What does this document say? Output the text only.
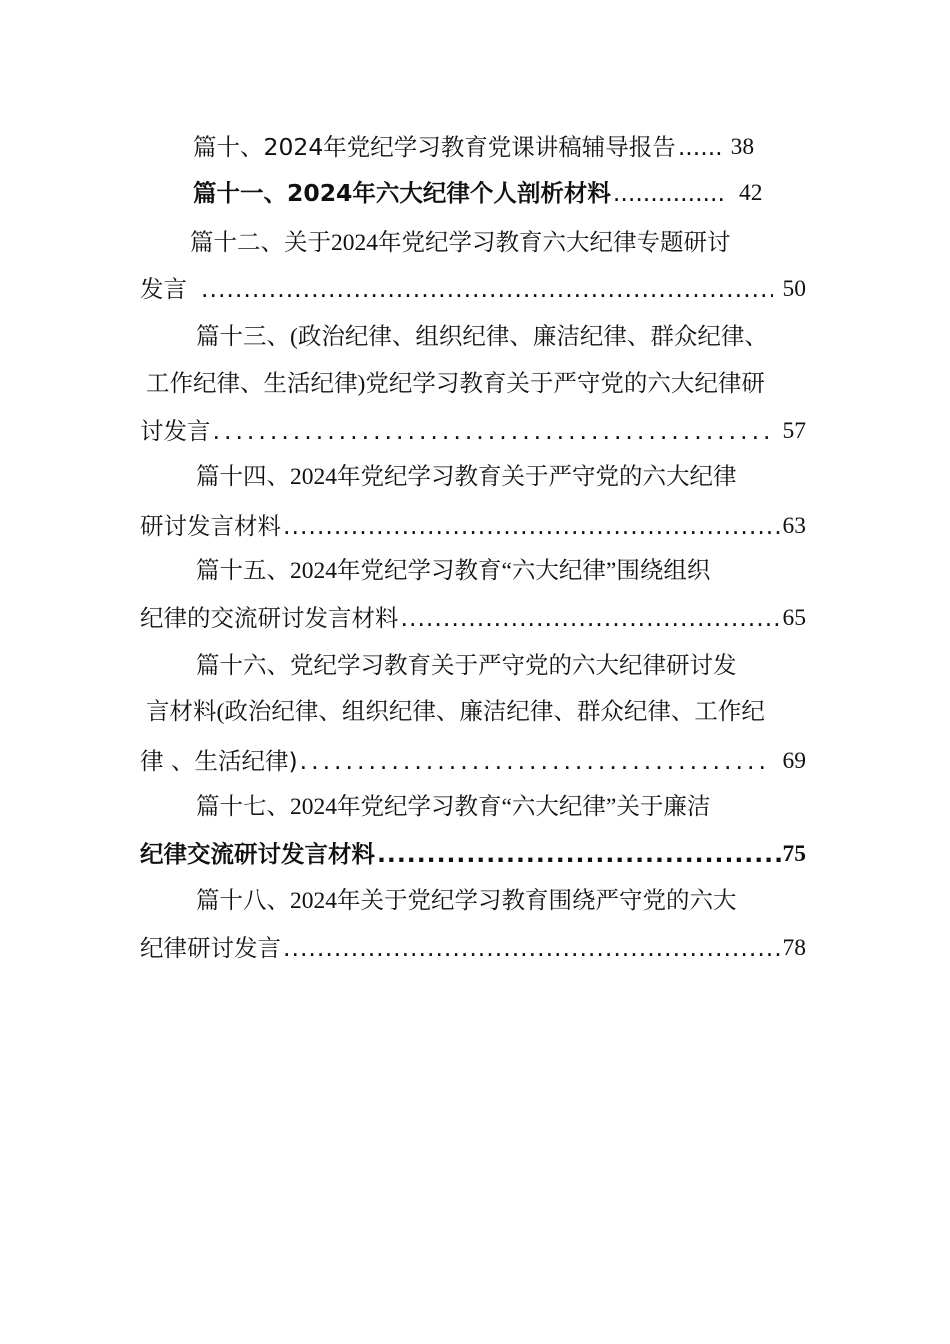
篇十、2024年党纪学习教育党课讲稿辅导报告 ...... 38
篇十一、2024年六大纪律个人剖析材料 ............... 42
篇十二、关于2024年党纪学习教育六大纪律专题研讨
发言 .....	50
篇十三、(政治纪律、组织纪律、廉洁纪律、群众纪律、
工作纪律、生活纪律)党纪学习教育关于严守党的六大纪律研
讨发言 .....	57
篇十四、2024年党纪学习教育关于严守党的六大纪律
研讨发言材料 .....	63
篇十五、2024年党纪学习教育“六大纪律”围绕组织
纪律的交流研讨发言材料 .....	65
篇十六、党纪学习教育关于严守党的六大纪律研讨发
言材料(政治纪律、组织纪律、廉洁纪律、群众纪律、工作纪
律 、生活纪律) .....	69
篇十七、2024年党纪学习教育“六大纪律”关于廉洁
纪律交流研讨发言材料 .....	75
篇十八、2024年关于党纪学习教育围绕严守党的六大
纪律研讨发言 .....	78
